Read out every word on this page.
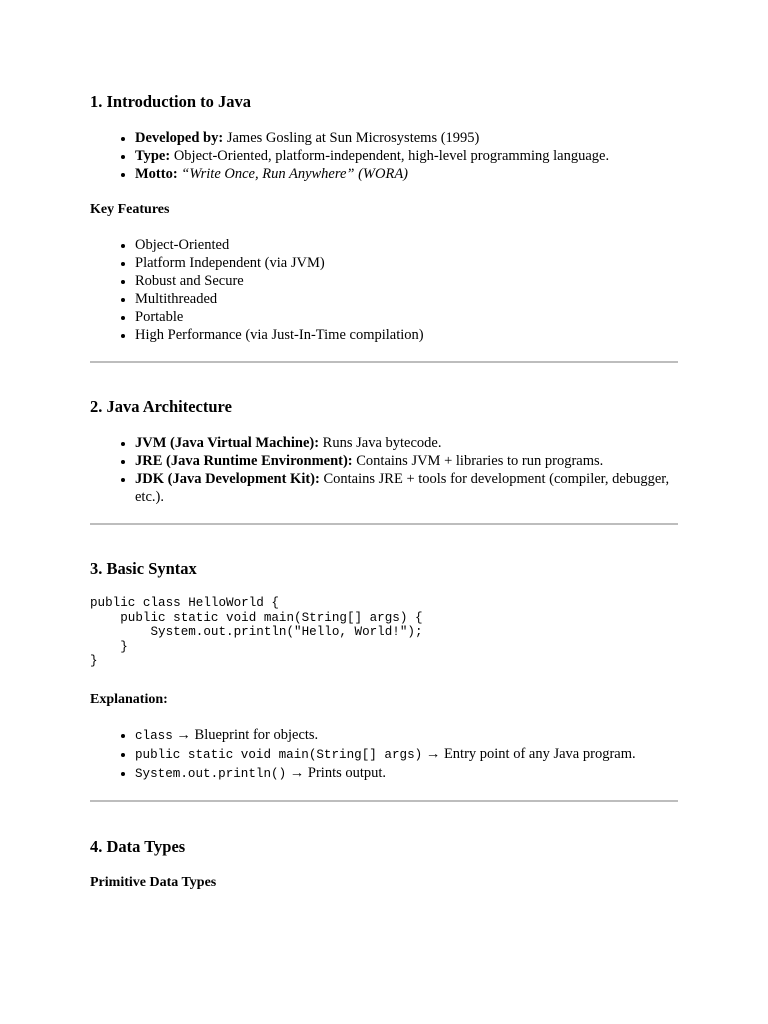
1. Introduction to Java
• Developed by: James Gosling at Sun Microsystems (1995)
• Type: Object-Oriented, platform-independent, high-level programming language.
• Motto: “Write Once, Run Anywhere” (WORA)
Key Features
• Object-Oriented
• Platform Independent (via JVM)
• Robust and Secure
• Multithreaded
• Portable
• High Performance (via Just-In-Time compilation)
2. Java Architecture
• JVM (Java Virtual Machine): Runs Java bytecode.
• JRE (Java Runtime Environment): Contains JVM + libraries to run programs.
• JDK (Java Development Kit): Contains JRE + tools for development (compiler, debugger, etc.).
3. Basic Syntax
public class HelloWorld {
public static void main(String[] args) {
System.out.println("Hello, World!");
}
}
Explanation:
• class → Blueprint for objects.
• public static void main(String[] args) → Entry point of any Java program.
• System.out.println() → Prints output.
4. Data Types
Primitive Data Types
